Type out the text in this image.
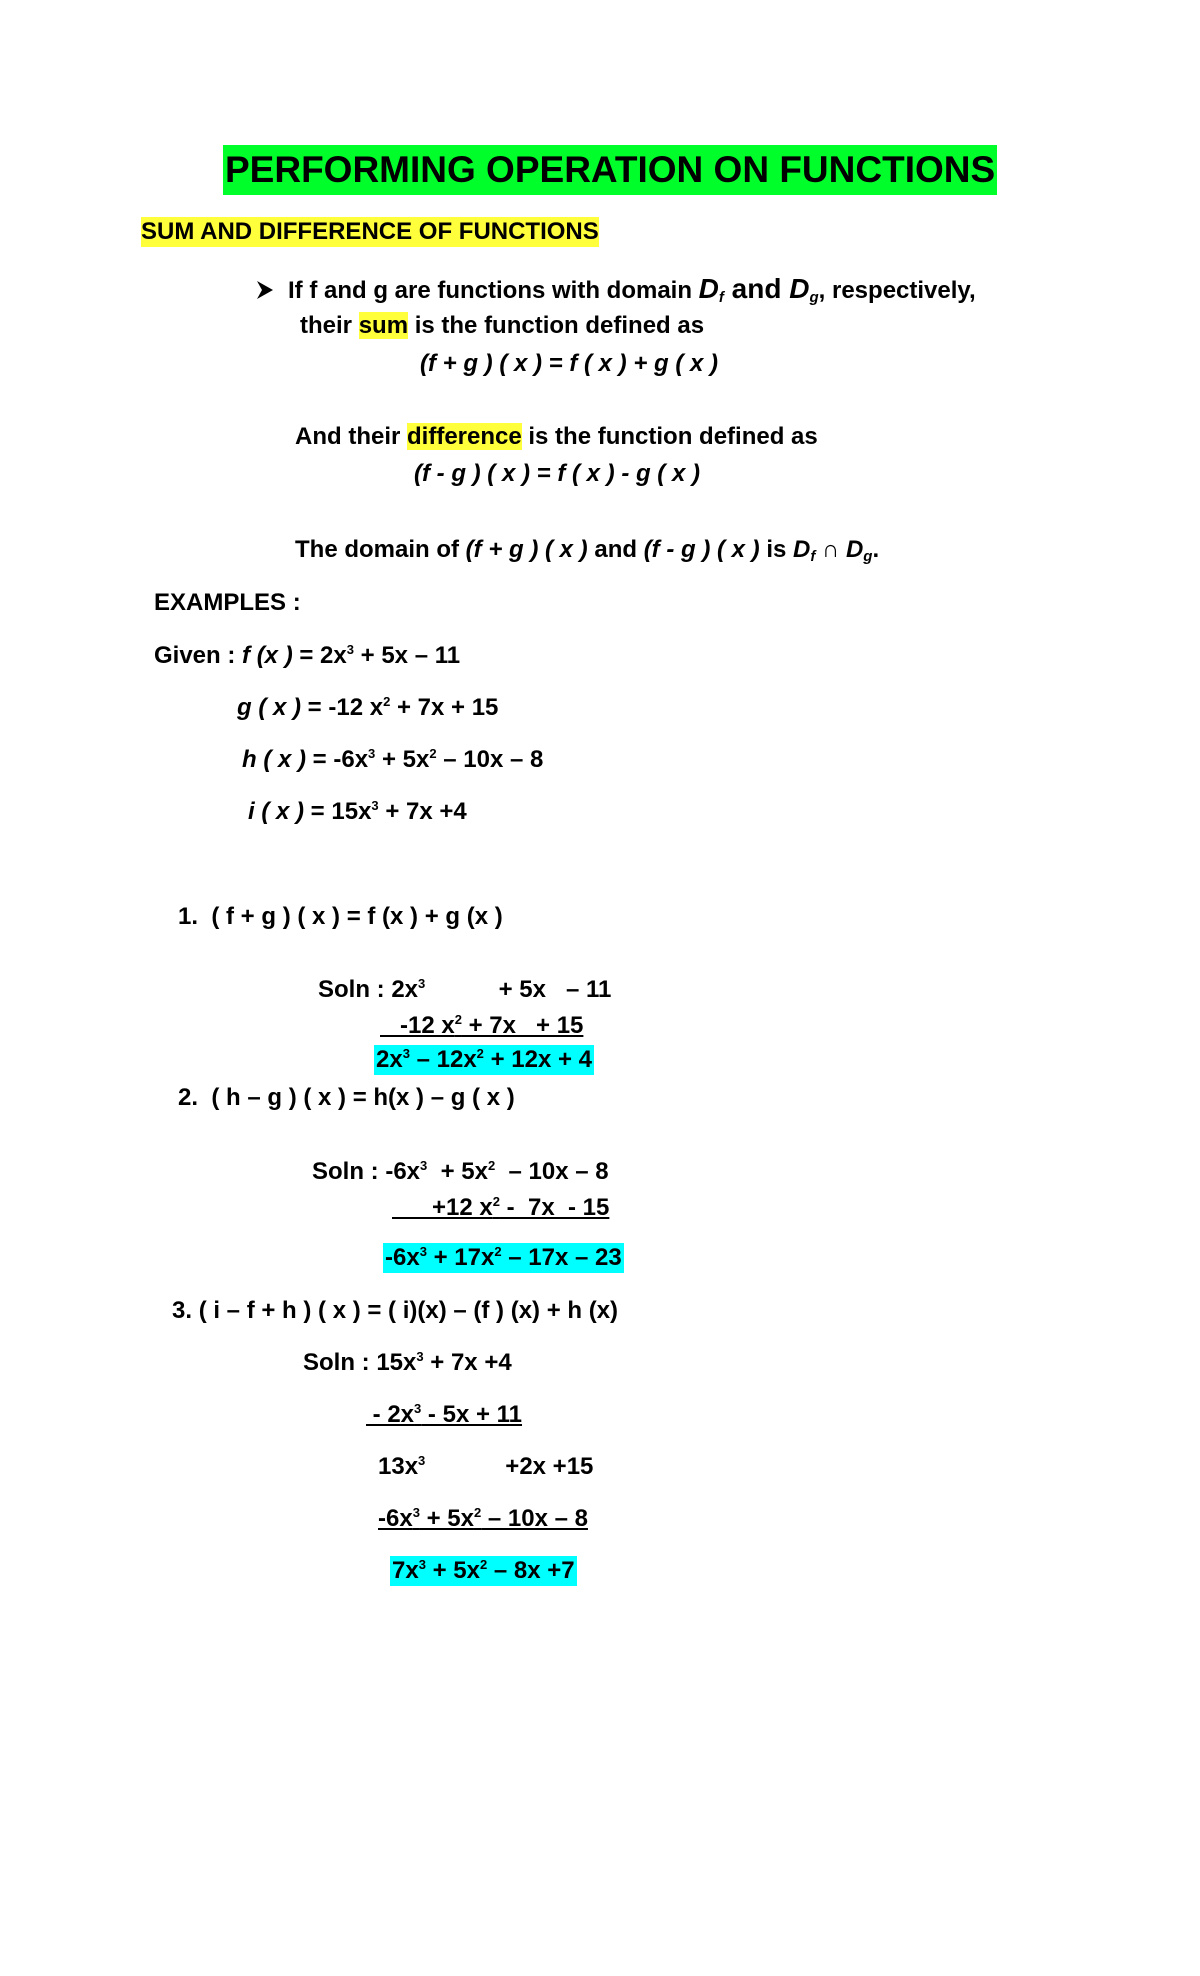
PERFORMING OPERATION ON FUNCTIONS
SUM AND DIFFERENCE OF FUNCTIONS
If f and g are functions with domain $D_f$ and $D_g$, respectively,
their sum is the function defined as
(f + g ) ( x ) = f ( x ) + g ( x )
And their difference is the function defined as
(f - g ) ( x ) = f ( x ) - g ( x )
The domain of (f + g ) ( x ) and (f - g ) ( x ) is $D_f$ ∩ $D_g$.
EXAMPLES :
Given : f (x ) = $2x^3 + 5x - 11$
g ( x ) = -12 $x^2 + 7x + 15$
h ( x ) = $-6x^3 + 5x^2 - 10x - 8$
i ( x ) = $15x^3 + 7x +4$
1. ( f + g ) ( x ) = f (x ) + g (x )
Soln : $2x^3$           + 5x   – 11
-12 $x^2 + 7x + 15$
$2x^3 - 12x^2 + 12x + 4$
2. ( h – g ) ( x ) = h(x ) – g ( x )
Soln : $-6x^3 + 5x^2 - 10x - 8$
+12 $x^2 - 7x - 15$
$-6x^3 + 17x^2 - 17x - 23$
3. ( i – f + h ) ( x ) = ( i)(x) – (f ) (x) + h (x)
Soln : $15x^3 + 7x +4$
- $2x^3 - 5x + 11$
$13x^3$            +2x +15
$-6x^3 + 5x^2 - 10x - 8$
$7x^3 + 5x^2 - 8x +7$
